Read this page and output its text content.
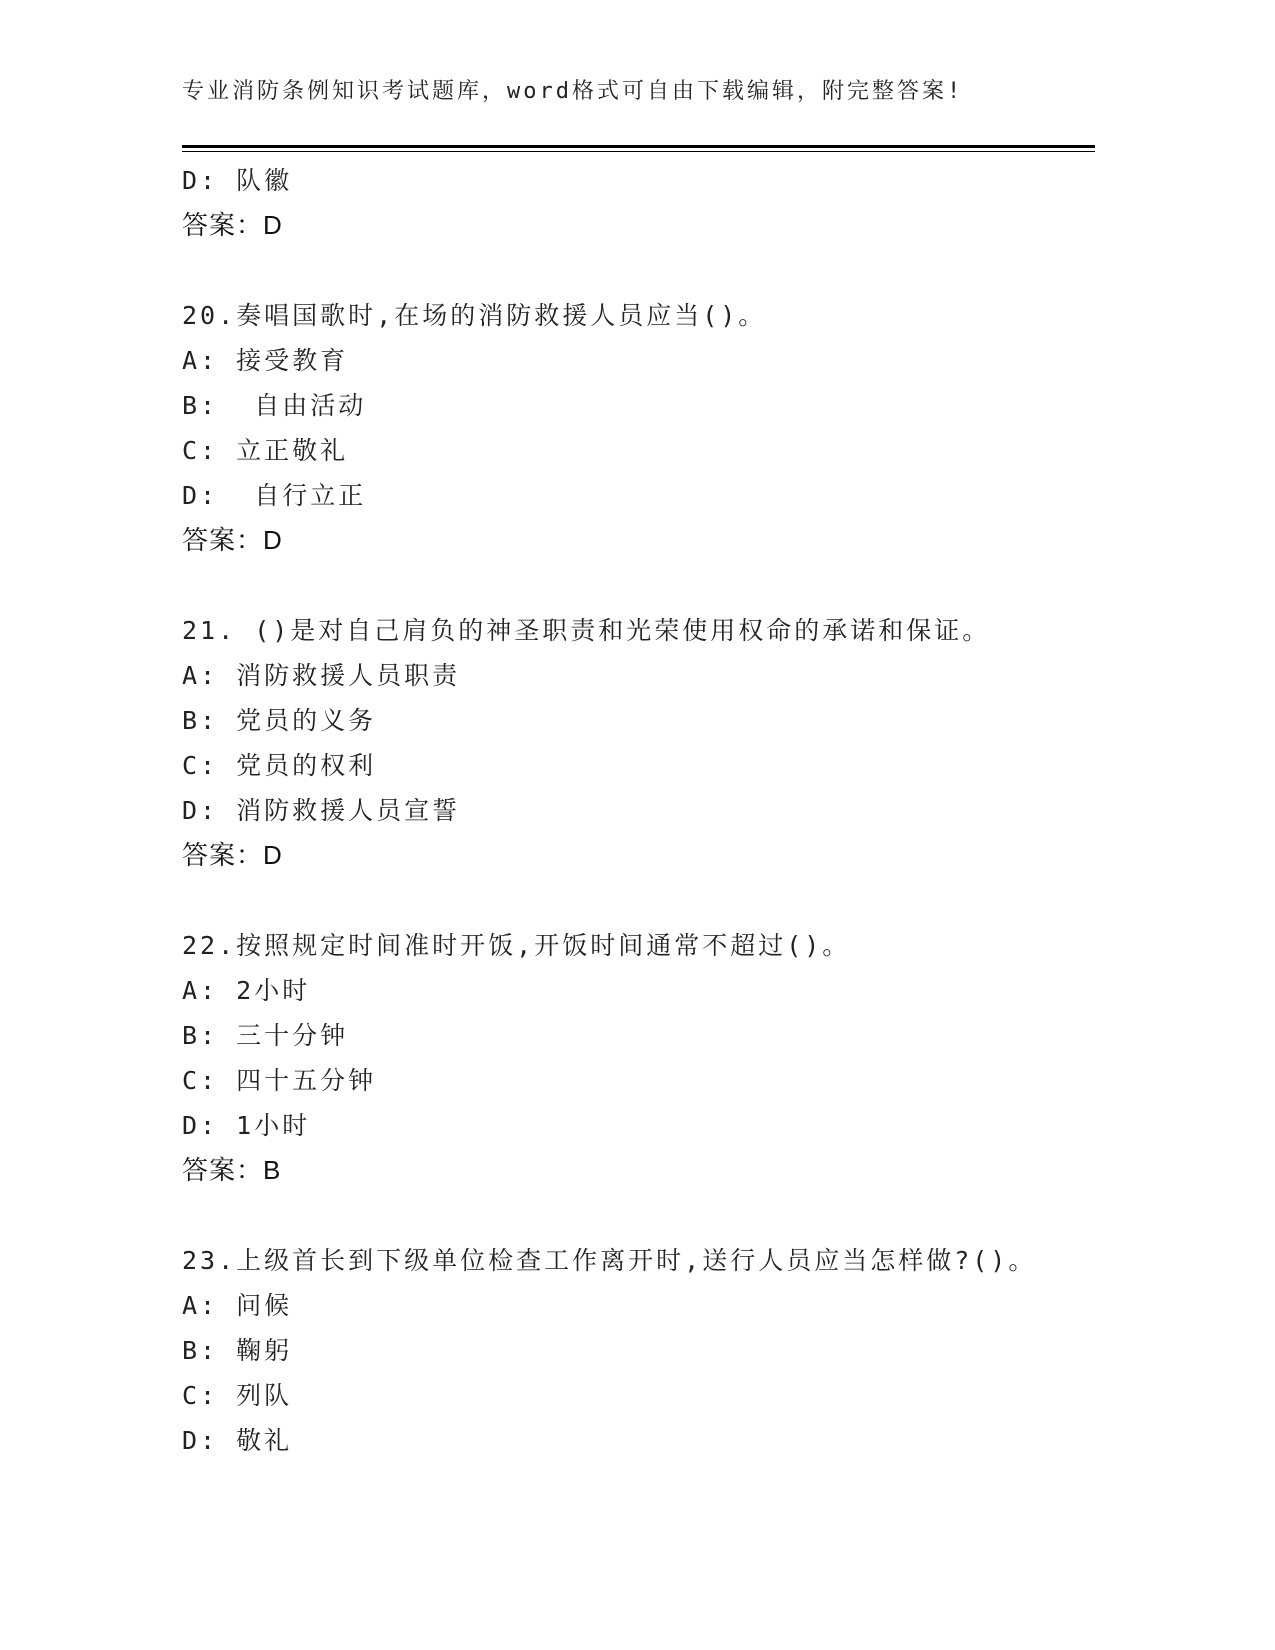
专业消防条例知识考试题库，word格式可自由下载编辑，附完整答案!
D: 队徽
答案：D
20.奏唱国歌时,在场的消防救援人员应当()。
A: 接受教育
B:  自由活动
C: 立正敬礼
D:  自行立正
答案：D
21. ()是对自己肩负的神圣职责和光荣使用权命的承诺和保证。
A: 消防救援人员职责
B: 党员的义务
C: 党员的权利
D: 消防救援人员宣誓
答案：D
22.按照规定时间准时开饭,开饭时间通常不超过()。
A: 2小时
B: 三十分钟
C: 四十五分钟
D: 1小时
答案：B
23.上级首长到下级单位检查工作离开时,送行人员应当怎样做?()。
A: 问候
B: 鞠躬
C: 列队
D: 敬礼
